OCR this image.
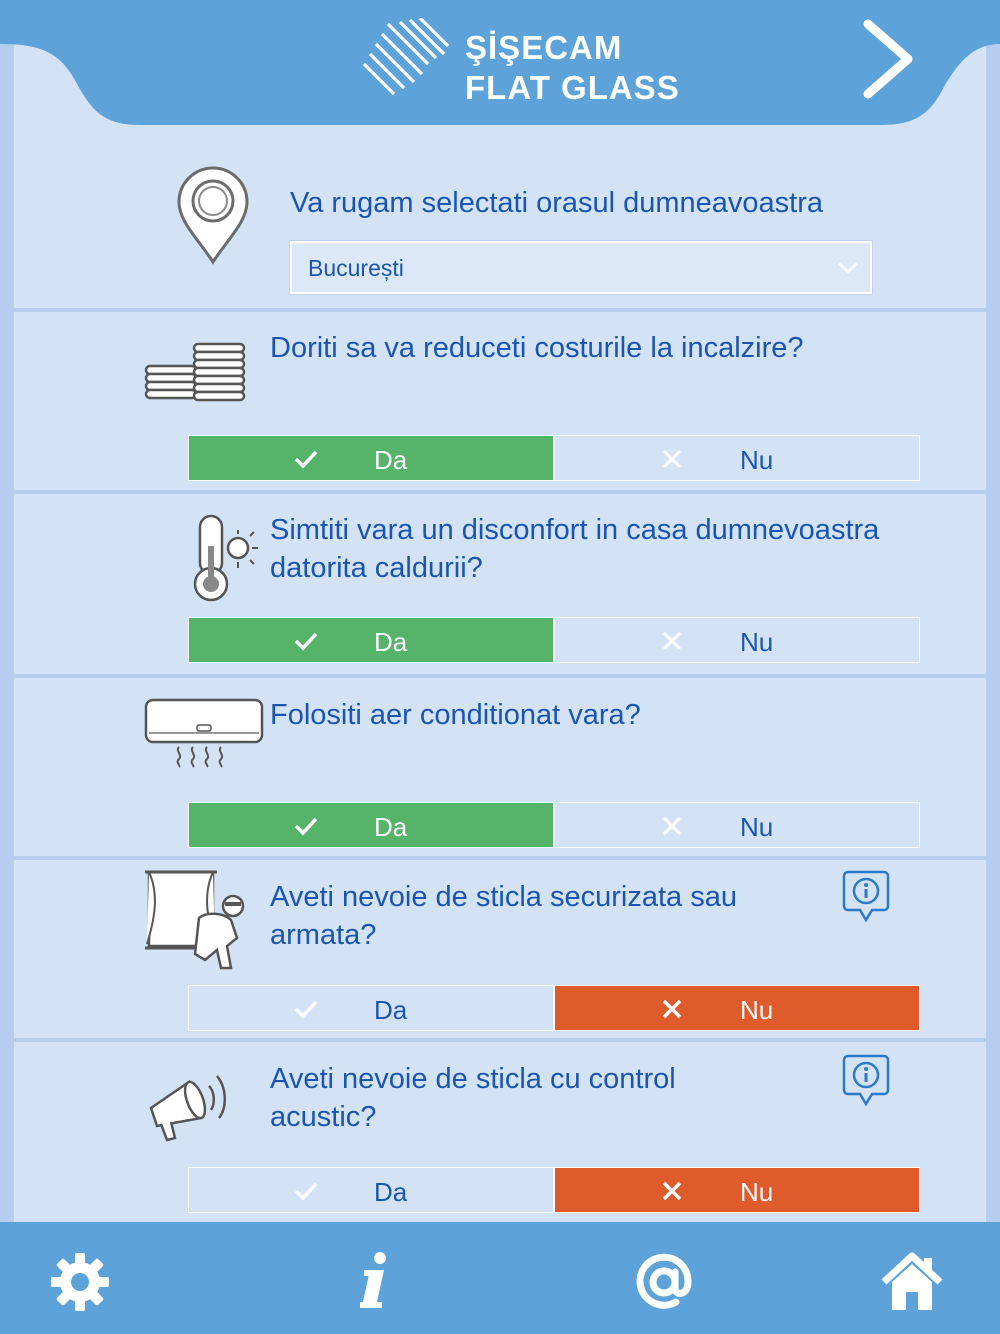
ŞİŞECAM
FLAT GLASS
Va rugam selectati orasul dumneavoastra
București
Doriti sa va reduceti costurile la incalzire?
Da	Nu
Simtiti vara un disconfort in casa dumnevoastra datorita caldurii?
Da	Nu
Folositi aer conditionat vara?
Da	Nu
Aveti nevoie de sticla securizata sau armata?
Da	Nu
Aveti nevoie de sticla cu control acustic?
Da	Nu
